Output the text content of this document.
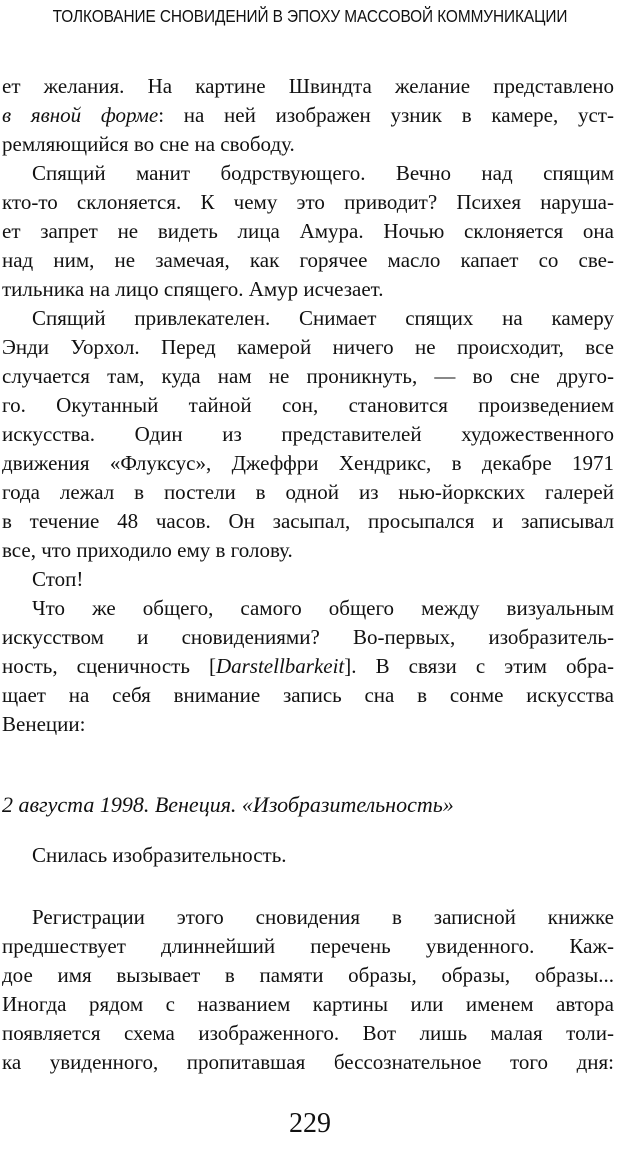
ТОЛКОВАНИЕ СНОВИДЕНИЙ В ЭПОХУ МАССОВОЙ КОММУНИКАЦИИ
ет желания. На картине Швиндта желание представлено
в явной форме: на ней изображен узник в камере, уст-
ремляющийся во сне на свободу.
Спящий манит бодрствующего. Вечно над спящим
кто-то склоняется. К чему это приводит? Психея наруша-
ет запрет не видеть лица Амура. Ночью склоняется она
над ним, не замечая, как горячее масло капает со све-
тильника на лицо спящего. Амур исчезает.
Спящий привлекателен. Снимает спящих на камеру
Энди Уорхол. Перед камерой ничего не происходит, все
случается там, куда нам не проникнуть, — во сне друго-
го. Окутанный тайной сон, становится произведением
искусства. Один из представителей художественного
движения «Флуксус», Джеффри Хендрикс, в декабре 1971
года лежал в постели в одной из нью-йоркских галерей
в течение 48 часов. Он засыпал, просыпался и записывал
все, что приходило ему в голову.
Стоп!
Что же общего, самого общего между визуальным
искусством и сновидениями? Во-первых, изобразитель-
ность, сценичность [Darstellbarkeit]. В связи с этим обра-
щает на себя внимание запись сна в сонме искусства
Венеции:
2 августа 1998. Венеция. «Изобразительность»
Снилась изобразительность.
Регистрации этого сновидения в записной книжке
предшествует длиннейший перечень увиденного. Каж-
дое имя вызывает в памяти образы, образы, образы...
Иногда рядом с названием картины или именем автора
появляется схема изображенного. Вот лишь малая толи-
ка увиденного, пропитавшая бессознательное того дня:
229
